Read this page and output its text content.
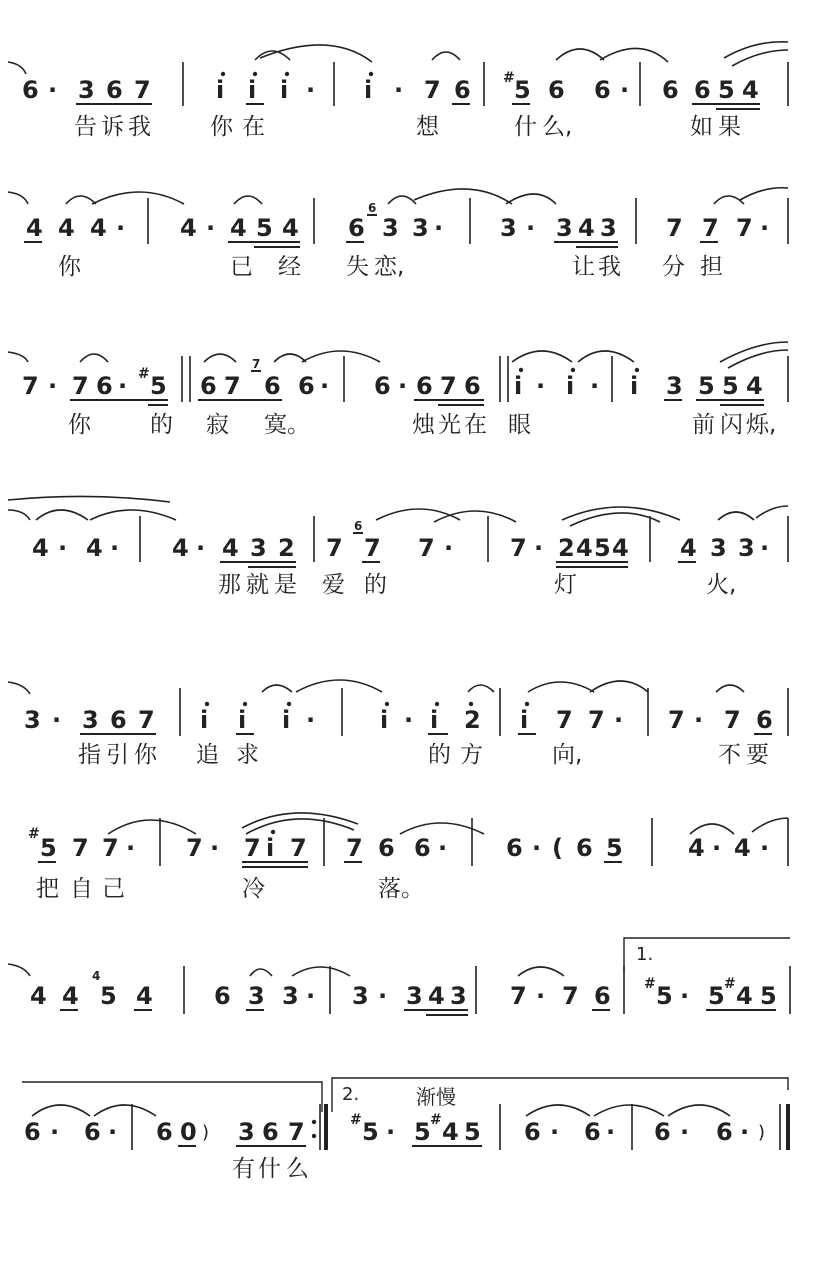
6 · 3 6 7	i i i · i · 7 6 # 5 6 6 · 6 6 5 4
告 诉 我	你 在	想	什 么,	如 果
4 4 4 · 4 · 4 5 4 6
6
3 3 · 3 · 3 4 3 7 7 7 ·
你	已 经 失 恋,	让 我 分 担
7 · 7 6 · # 5 6 7
7
6 6 · 6 · 6 7 6 i · i · i 3 5 5 4
你	的 寂 寞。	烛 光 在 眼	前 闪 烁,
4 · 4 · 4 · 4 3 2 7
6
7 7 · 7 · 2 4 5 4 4 3 3 ·
那 就 是 爱 的	灯	火,
3 · 3 6 7 i i i ·	i · i 2 i 7 7 · 7 · 7 6
指 引 你 追 求	的 方	向,	不 要
# 5 7 7 · 7 · 7 i 7 7 6 6 · 6 · ( 6 5	4 · 4 ·
把 自 己	冷	落。
1.
4 4
4
5 4	6 3 3 · 3 · 3 4 3 7 · 7 6 # 5 · 5 # 4 5
2.	渐慢
6 · 6 · 6 0 ) 3 6 7	# 5 · 5 # 4 5 6 · 6 · 6 · 6 · )
有 什 么
